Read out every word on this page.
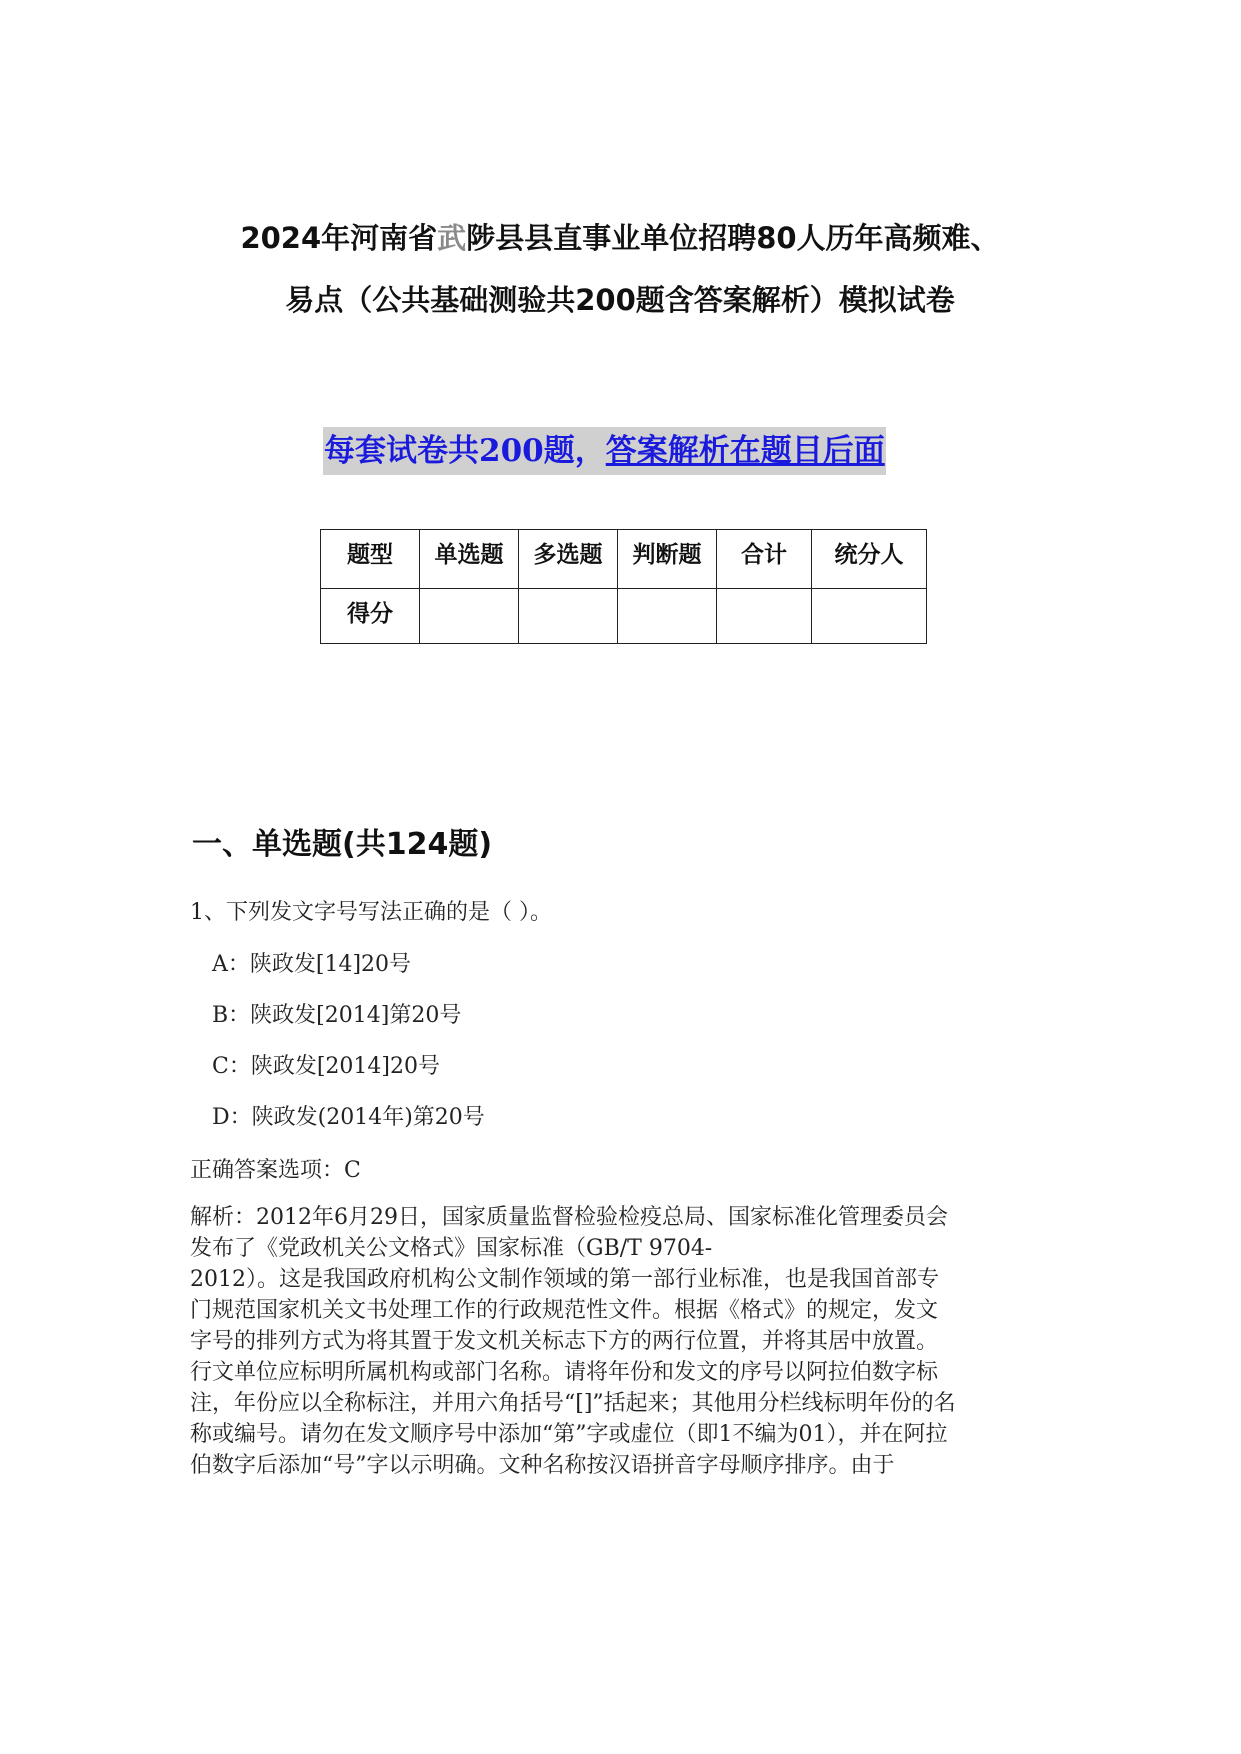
2024年河南省武陟县县直事业单位招聘80人历年高频难、
易点（公共基础测验共200题含答案解析）模拟试卷
每套试卷共200题，答案解析在题目后面
题型	单选题	多选题	判断题	合计	统分人
得分					
一、单选题(共124题)

1、下列发文字号写法正确的是（ ）。

A：陕政发[14]20号

B：陕政发[2014]第20号

C：陕政发[2014]20号

D：陕政发(2014年)第20号

正确答案选项：C

解析：2012年6月29日，国家质量监督检验检疫总局、国家标准化管理委员会
发布了《党政机关公文格式》国家标准（GB/T 9704-
2012）。这是我国政府机构公文制作领域的第一部行业标准，也是我国首部专
门规范国家机关文书处理工作的行政规范性文件。根据《格式》的规定，发文
字号的排列方式为将其置于发文机关标志下方的两行位置，并将其居中放置。
行文单位应标明所属机构或部门名称。请将年份和发文的序号以阿拉伯数字标
注，年份应以全称标注，并用六角括号“[]”括起来；其他用分栏线标明年份的名
称或编号。请勿在发文顺序号中添加“第”字或虚位（即1不编为01），并在阿拉
伯数字后添加“号”字以示明确。文种名称按汉语拼音字母顺序排序。由于
